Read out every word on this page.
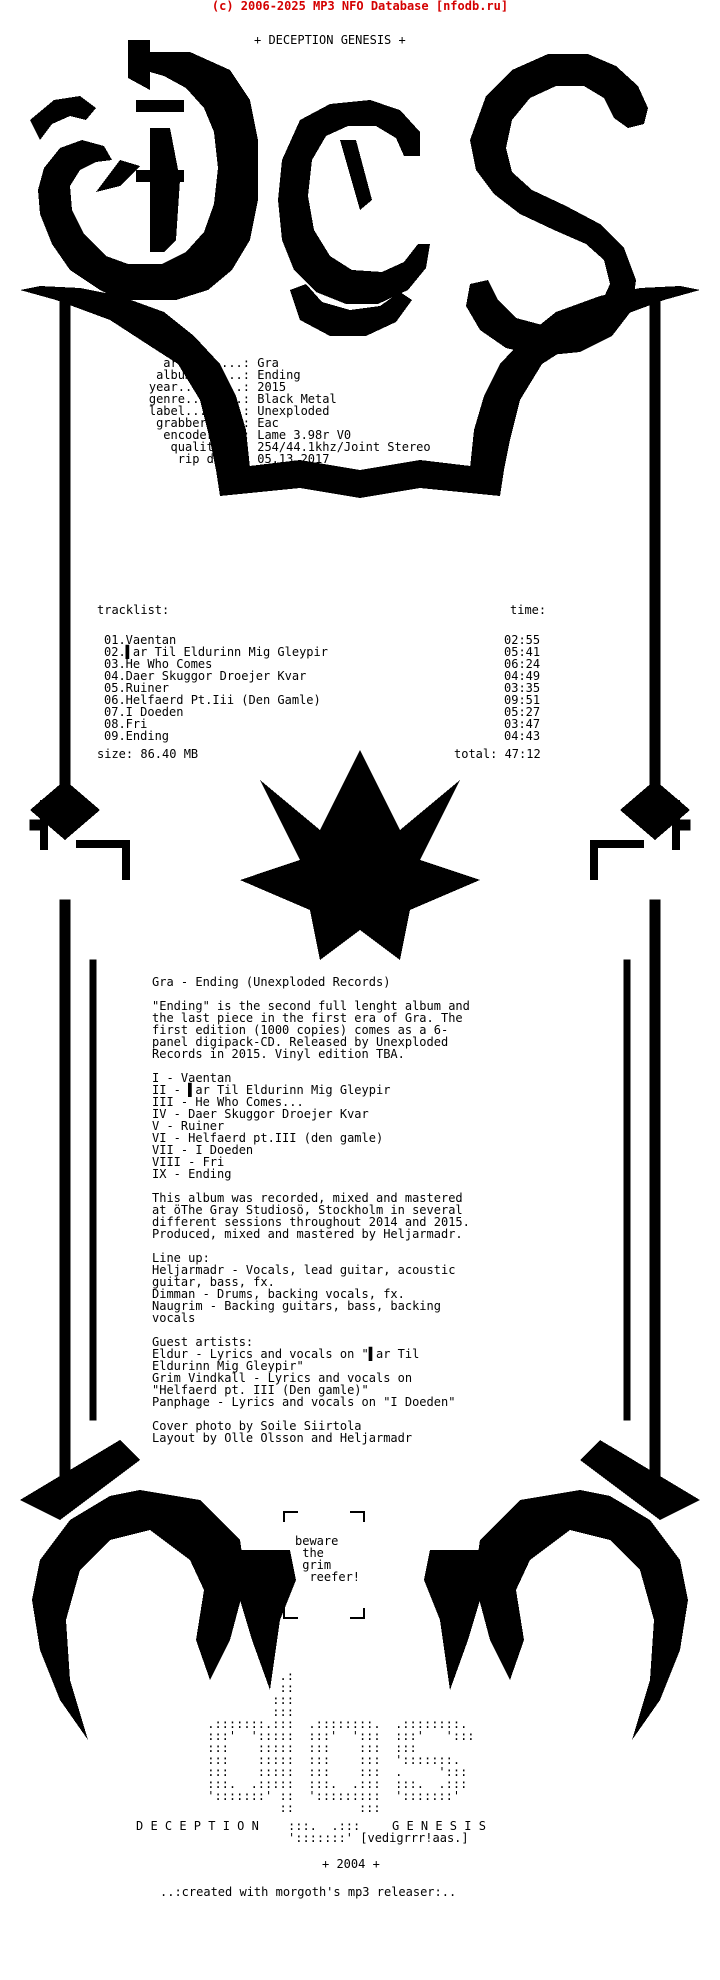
(c) 2006-2025 MP3 NFO Database [nfodb.ru]
+ DECEPTION GENESIS +
artist.....: Gra
album.......: Ending
year.........: 2015
genre........: Black Metal
label........: Unexploded
grabber.....: Eac
encoder....: Lame 3.98r V0
quality...: 254/44.1khz/Joint Stereo
rip date.: 05.13.2017
tracklist:	time:
01.Vaentan	02:55
02.▌ar Til Eldurinn Mig Gleypir	05:41
03.He Who Comes	06:24
04.Daer Skuggor Droejer Kvar	04:49
05.Ruiner	03:35
06.Helfaerd Pt.Iii (Den Gamle)	09:51
07.I Doeden	05:27
08.Fri	03:47
09.Ending	04:43
size: 86.40 MB	total: 47:12
Gra - Ending (Unexploded Records)
"Ending" is the second full lenght album and
the last piece in the first era of Gra. The
first edition (1000 copies) comes as a 6-
panel digipack-CD. Released by Unexploded
Records in 2015. Vinyl edition TBA.
I - Vaentan
II - ▌ar Til Eldurinn Mig Gleypir
III - He Who Comes...
IV - Daer Skuggor Droejer Kvar
V - Ruiner
VI - Helfaerd pt.III (den gamle)
VII - I Doeden
VIII - Fri
IX - Ending
This album was recorded, mixed and mastered
at öThe Gray Studiosö, Stockholm in several
different sessions throughout 2014 and 2015.
Produced, mixed and mastered by Heljarmadr.
Line up:
Heljarmadr - Vocals, lead guitar, acoustic
guitar, bass, fx.
Dimman - Drums, backing vocals, fx.
Naugrim - Backing guitars, bass, backing
vocals
Guest artists:
Eldur - Lyrics and vocals on "▌ar Til
Eldurinn Mig Gleypir"
Grim Vindkall - Lyrics and vocals on
"Helfaerd pt. III (Den gamle)"
Panphage - Lyrics and vocals on "I Doeden"
Cover photo by Soile Siirtola
Layout by Olle Olsson and Heljarmadr
beware
the
grim
reefer!
.:
::
:::
:::
.:::::::.:::  .::::::::.  .::::::::.
:::'  ':::::  :::'  ':::  :::'   ':::
:::    :::::  :::    :::  :::
:::    :::::  :::    :::  ':::::::.
:::    :::::  :::    :::  .     ':::
:::.  .:::::  :::.  .:::  :::.  .:::
':::::::' ::  ':::::::::  ':::::::'
::         :::
D E C E P T I O N :::.  .:::	G E N E S I S
':::::::' [vedigrrr!aas.]
+ 2004 +
..:created with morgoth's mp3 releaser:..
